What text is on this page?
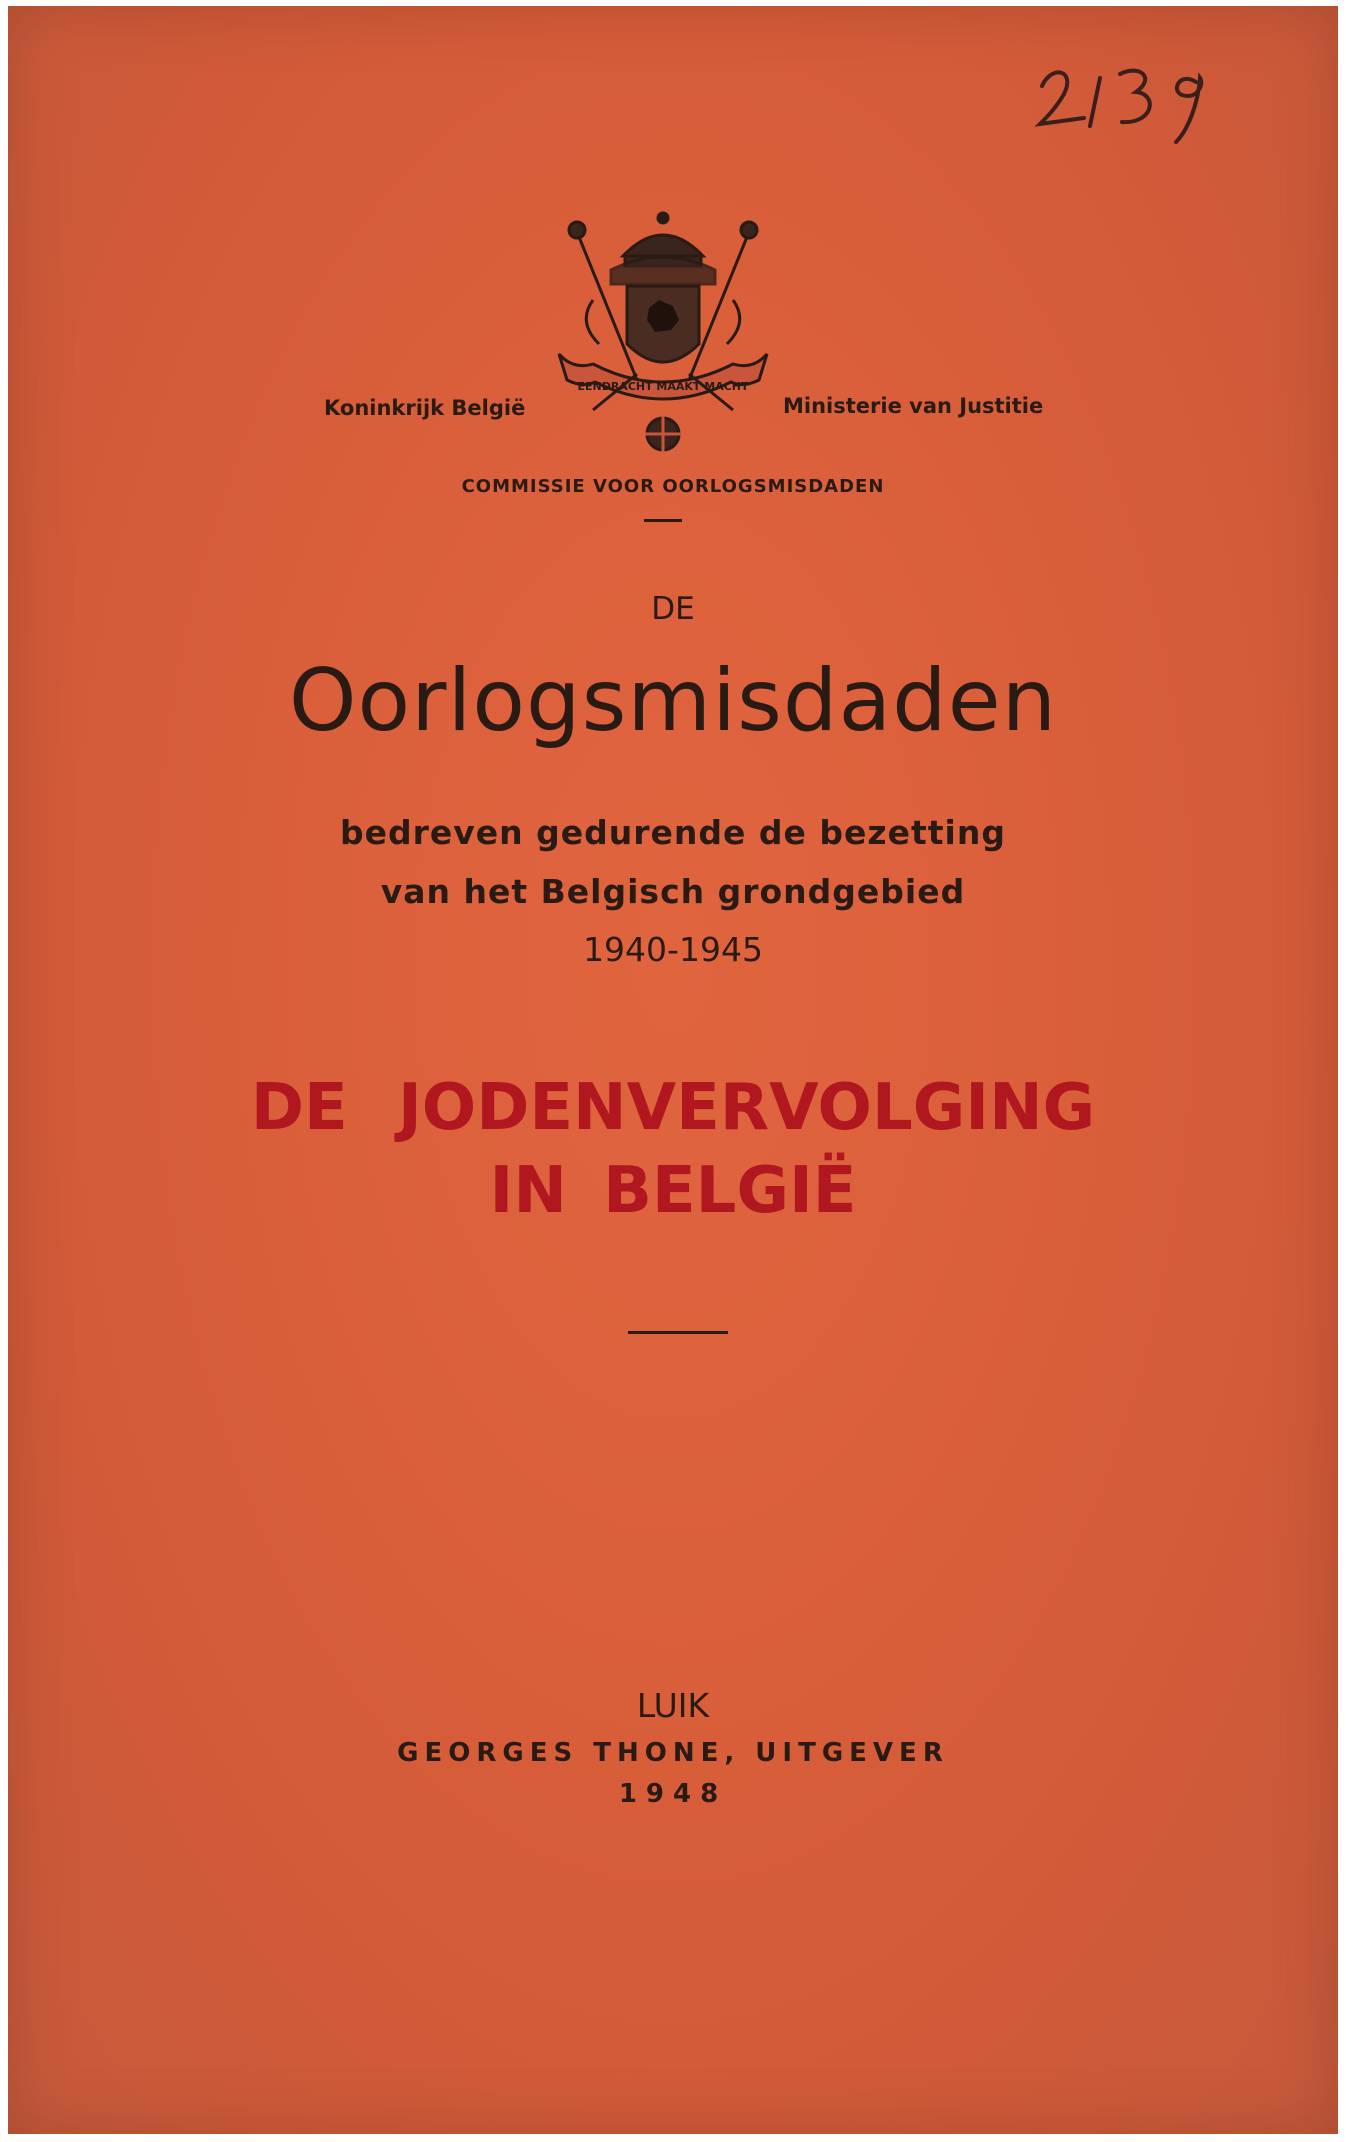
EENDRACHT MAAKT MACHT
Koninkrijk België	Ministerie van Justitie
COMMISSIE VOOR OORLOGSMISDADEN
DE
Oorlogsmisdaden
bedreven gedurende de bezetting
van het Belgisch grondgebied
1940-1945
DE JODENVERVOLGING
IN BELGIË
LUIK
GEORGES THONE, UITGEVER
1948
